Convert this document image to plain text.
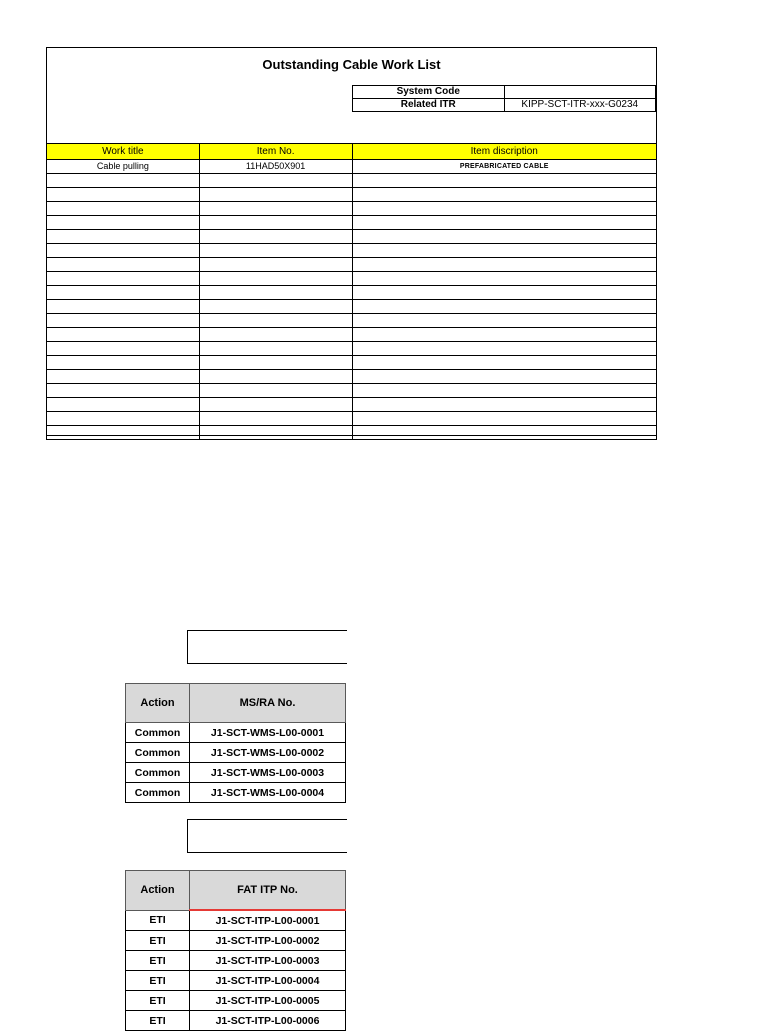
Outstanding Cable Work List
System Code	
Related ITR	KIPP-SCT-ITR-xxx-G0234
Work title	Item No.	Item discription
Cable pulling	11HAD50X901	PREFABRICATED CABLE

Action	MS/RA No.
Common	J1-SCT-WMS-L00-0001
Common	J1-SCT-WMS-L00-0002
Common	J1-SCT-WMS-L00-0003
Common	J1-SCT-WMS-L00-0004
Action	FAT ITP No.
ETI	J1-SCT-ITP-L00-0001
ETI	J1-SCT-ITP-L00-0002
ETI	J1-SCT-ITP-L00-0003
ETI	J1-SCT-ITP-L00-0004
ETI	J1-SCT-ITP-L00-0005
ETI	J1-SCT-ITP-L00-0006
